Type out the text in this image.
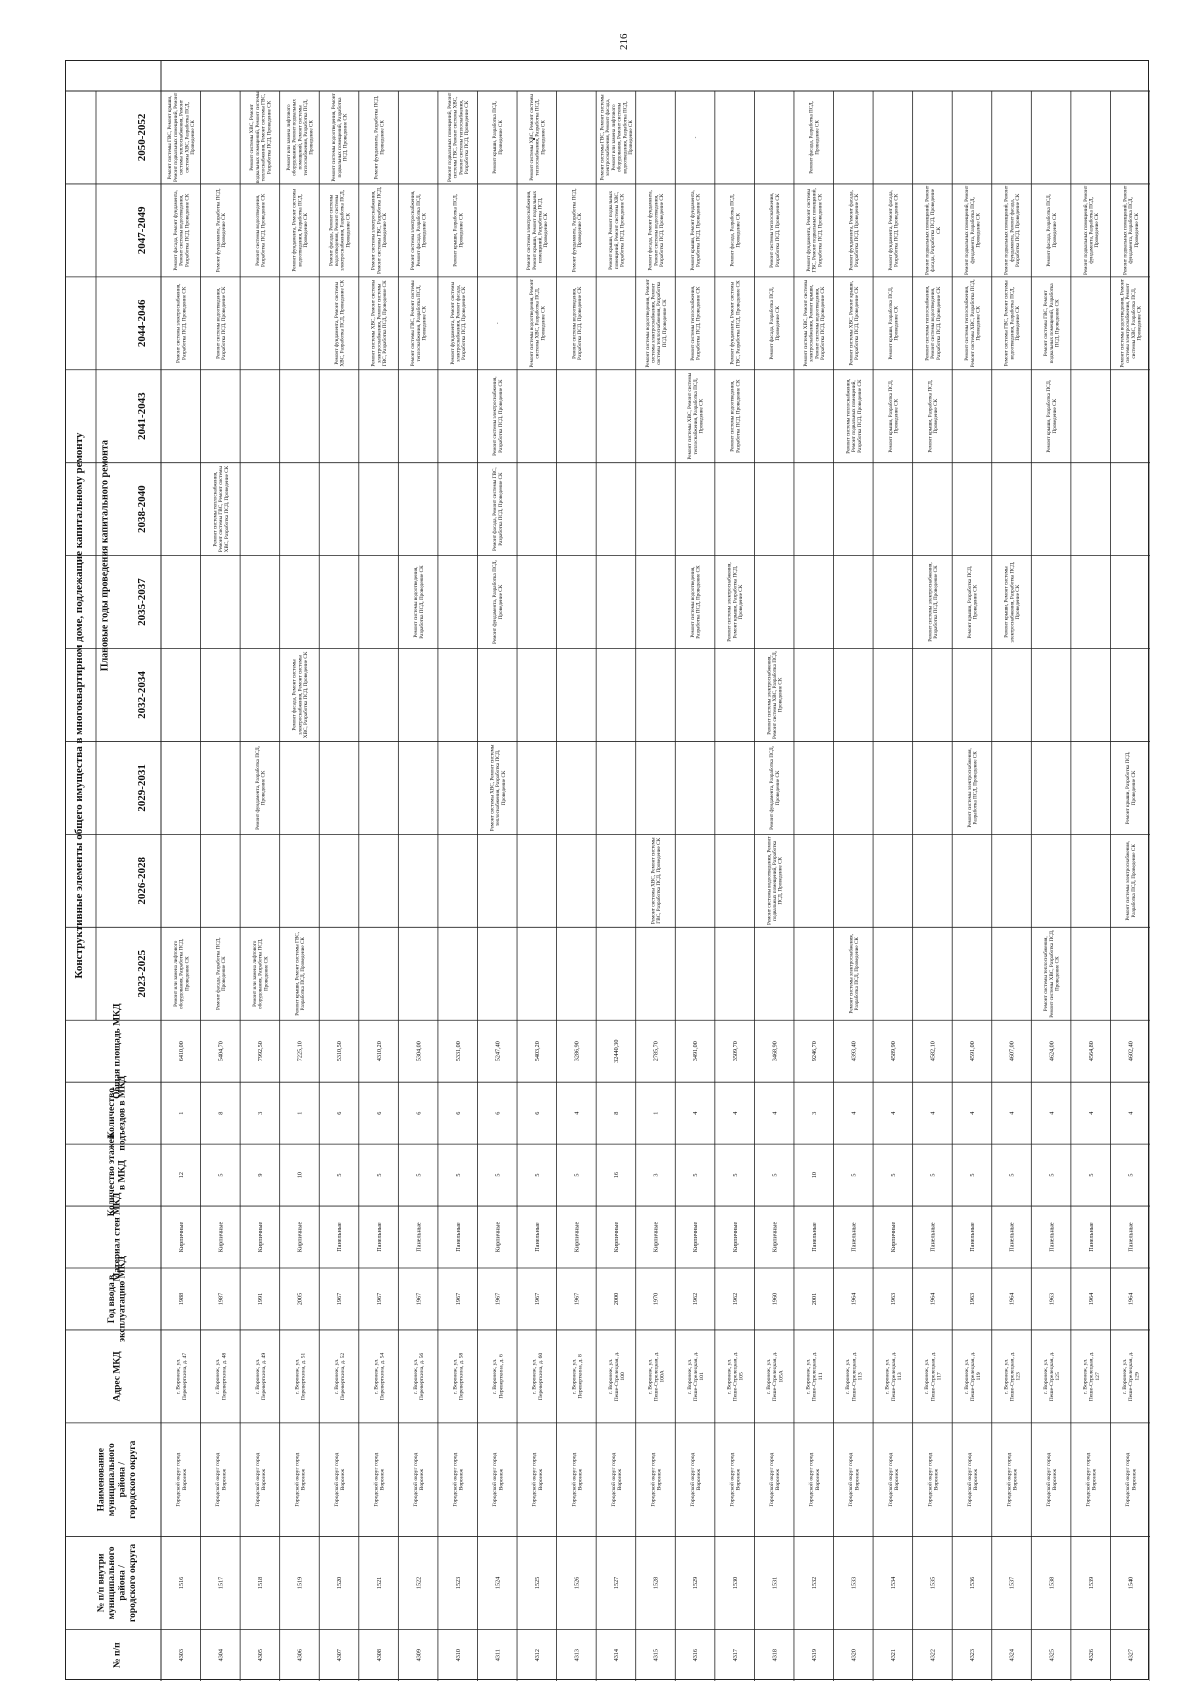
216
Конструктивные элементы общего имущества в многоквартирном доме, подлежащие капитальному ремонту Плановые годы проведения капитального ремонта
№ п/п
№ п/п внутримуниципальногорайона /городского округа
Наименованиемуниципальногорайона /городского округа
Адрес МКД
Год ввода вэксплуатацию МКД
Материал стен МКД
Количество этажейв МКД
Количествоподъездов в МКД
Общая площадь МКД
2023-2025
2026-2028
2029-2031
2032-2034
2035-2037
2038-2040
2041-2043
2044-2046
2047-2049
2050-2052
4303
1516
Городской округ городВоронеж
г. Воронеж, ул.Переверткина, д. 47
1988
Кирпичные
12
1
6410,00
Ремонт или замена лифтовогооборудования, Разработка ПСД,Проведение СК
Ремонт системы электроснабжения,Разработка ПСД, Проведение СК
Ремонт фасада, Ремонт фундамента,Ремонт системы водоотведения,Разработка ПСД, Проведение СК
Ремонт системы ГВС, Ремонт крыши,Ремонт подвальных помещений, Ремонтсистемы теплоснабжения, Ремонтсистемы ХВС, Разработка ПСД,Проведение СК
4304
1517
Городской округ городВоронеж
г. Воронеж, ул.Переверткина, д. 48
1987
Кирпичные
5
8
5404,70
Ремонт фасада, Разработка ПСД,Проведение СК
Ремонт системы теплоснабжения,Ремонт системы ГВС, Ремонт системыХВС, Разработка ПСД, Проведение СК
Ремонт системы водоотведения,Разработка ПСД, Проведение СК
Ремонт фундамента, Разработка ПСД,Проведение СК
4305
1518
Городской округ городВоронеж
г. Воронеж, ул.Переверткина, д. 49
1991
Кирпичные
9
3
7992,50
Ремонт или замена лифтовогооборудования, Разработка ПСД,Проведение СК
Ремонт фундамента, Разработка ПСД,Проведение СК
Ремонт системы водоотведения,Разработка ПСД, Проведение СК
Ремонт системы ХВС, Ремонтподвальных помещений, Ремонт системытеплоснабжения, Ремонт системы ГВС,Разработка ПСД, Проведение СК
4306
1519
Городской округ городВоронеж
г. Воронеж, ул.Переверткина, д. 51
2005
Кирпичные
10
1
7225,10
Ремонт крыши, Ремонт системы ГВС,Разработка ПСД, Проведение СК
Ремонт фасада, Ремонт системыэлектроснабжения, Ремонт системыХВС, Разработка ПСД, Проведение СК
Ремонт фундамента, Ремонт системыводоотведения, Разработка ПСД,Проведение СК
Ремонт или замена лифтовогооборудования, Ремонт подвальныхпомещений, Ремонт системытеплоснабжения, Разработка ПСД,Проведение СК
4307
1520
Городской округ городВоронеж
г. Воронеж, ул.Переверткина, д. 52
1967
Панельные
5
6
5310,50
Ремонт фундамента, Ремонт системыХВС, Разработка ПСД, Проведение СК
Ремонт фасада, Ремонт системыводоотведения, Ремонт системыэлектроснабжения, Разработка ПСД,Проведение СК
Ремонт системы водоотведения, Ремонтподвальных помещений, РазработкаПСД, Проведение СК
4308
1521
Городской округ городВоронеж
г. Воронеж, ул.Переверткина, д. 54
1967
Панельные
5
6
4310,20
Ремонт системы ХВС, Ремонт системыэлектроснабжения, Ремонт системыГВС, Разработка ПСД, Проведение СК
Ремонт системы электроснабжения,Ремонт системы ГВС, Разработка ПСД,Проведение СК
Ремонт фундамента, Разработка ПСД,Проведение СК
4309
1522
Городской округ городВоронеж
г. Воронеж, ул.Переверткина, д. 56
1967
Панельные
5
6
5304,00
Ремонт системы водоотведения,Разработка ПСД, Проведение СК
Ремонт системы ГВС, Ремонт системытеплоснабжения, Разработка ПСД,Проведение СК
Ремонт системы электроснабжения,Ремонт фасада, Разработка ПСД,Проведение СК
4310
1523
Городской округ городВоронеж
г. Воронеж, ул.Переверткина, д. 58
1967
Панельные
5
6
5331,00
Ремонт фундамента, Ремонт системыэлектроснабжения, Ремонт фасада,Разработка ПСД, Проведение СК
Ремонт крыши, Разработка ПСД,Проведение СК
Ремонт подвальных помещений, Ремонтсистемы ГВС, Ремонт системы ХВС,Ремонт системы теплоснабжения,Разработка ПСД, Проведение СК
4311
1524
Городской округ городВоронеж
г. Воронеж, ул.Переверткина, д. 6
1967
Кирпичные
5
6
5247,40
Ремонт системы ХВС, Ремонт системытеплоснабжения, Разработка ПСД,Проведение СК
Ремонт фундамента, Разработка ПСД,Проведение СК
Ремонт фасада, Ремонт системы ГВС,Разработка ПСД, Проведение СК
Ремонт системы электроснабжения,Разработка ПСД, Проведение СК
-
Ремонт крыши, Разработка ПСД,Проведение СК
4312
1525
Городской округ городВоронеж
г. Воронеж, ул.Переверткина, д. 60
1967
Панельные
5
6
5403,20
Ремонт системы водоотведения, Ремонтсистемы ХВС, Разработка ПСД,Проведение СК
Ремонт системы электроснабжения,Ремонт крыши, Ремонт подвальныхпомещений, Разработка ПСД,Проведение СК
Ремонт системы ХВС, Ремонт системытеплоснабжения, Разработка ПСД,Проведение СК
4313
1526
Городской округ городВоронеж
г. Воронеж, ул.Переверткина, д. 8
1967
Кирпичные
5
4
3286,90
Ремонт системы водоотведения,Разработка ПСД, Проведение СК
Ремонт фундамента, Разработка ПСД,Проведение СК
4314
1527
Городской округ городВоронеж
г. Воронеж, ул.Пеше-Стрелецкая, д.100
2000
Кирпичные
16
8
32440,30
Ремонт крыши, Ремонт подвальныхпомещений, Ремонт системы ХВС,Разработка ПСД, Проведение СК
Ремонт системы ГВС, Ремонт системыэлектроснабжения, Ремонт фасада,Ремонт или замена лифтовогооборудования, Ремонт системыводоотведения, Разработка ПСД,Проведение СК
4315
1528
Городской округ городВоронеж
г. Воронеж, ул.Пеше-Стрелецкая, д.100А
1970
Кирпичные
3
1
2785,70
Ремонт системы ХВС, Ремонт системыГВС, Разработка ПСД, Проведение СК
Ремонт системы водоотведения, Ремонтсистемы электроснабжения, Ремонтсистемы теплоснабжения, РазработкаПСД, Проведение СК
Ремонт фасада, Ремонт фундамента,Ремонт системы водоотведения,Разработка ПСД, Проведение СК
4316
1529
Городской округ городВоронеж
г. Воронеж, ул.Пеше-Стрелецкая, д.101
1962
Кирпичные
5
4
3491,00
Ремонт системы водоотведения,Разработка ПСД, Проведение СК
Ремонт системы ХВС, Ремонт системытеплоснабжения, Разработка ПСД,Проведение СК
Ремонт системы теплоснабжения,Разработка ПСД, Проведение СК
Ремонт крыши, Ремонт фундамента,Разработка ПСД, Проведение СК
-
4317
1530
Городской округ городВоронеж
г. Воронеж, ул.Пеше-Стрелецкая, д.105
1962
Кирпичные
5
4
3509,70
Ремонт системы электроснабжения,Ремонт крыши, Разработка ПСД,Проведение СК
Ремонт системы водоотведения,Разработка ПСД, Проведение СК
Ремонт фундамента, Ремонт системыГВС, Разработка ПСД, Проведение СК
Ремонт фасада, Разработка ПСД,Проведение СК
4318
1531
Городской округ городВоронеж
г. Воронеж, ул.Пеше-Стрелецкая, д.105А
1960
Кирпичные
5
4
3468,90
Ремонт системы водоотведения, Ремонтподвальных помещений, РазработкаПСД, Проведение СК
Ремонт фундамента, Разработка ПСД,Проведение СК
Ремонт системы электроснабжения,Ремонт системы ХВС, Разработка ПСД,Проведение СК
Ремонт фасада, Разработка ПСД,Проведение СК
Ремонт системы теплоснабжения,Разработка ПСД, Проведение СК
4319
1532
Городской округ городВоронеж
г. Воронеж, ул.Пеше-Стрелецкая, д.111
2001
Панельные
10
3
9246,70
Ремонт системы ХВС, Ремонт системыэлектроснабжения, Ремонт крыши,Ремонт системы водоотведения,Разработка ПСД, Проведение СК
Ремонт фундамента, Ремонт системыГВС, Ремонт подвальных помещений,Разработка ПСД, Проведение СК
Ремонт фасада, Разработка ПСД,Проведение СК
4320
1533
Городской округ городВоронеж
г. Воронеж, ул.Пеше-Стрелецкая, д.113
1964
Панельные
5
4
4393,40
Ремонт системы электроснабжения,Разработка ПСД, Проведение СК
Ремонт системы теплоснабжения,Ремонт подвальных помещений,Разработка ПСД, Проведение СК
Ремонт системы ХВС, Ремонт крыши,Разработка ПСД, Проведение СК
Ремонт фундамента, Ремонт фасада,Разработка ПСД, Проведение СК
4321
1534
Городской округ городВоронеж
г. Воронеж, ул.Пеше-Стрелецкая, д.113
1963
Кирпичные
5
4
4589,90
Ремонт крыши, Разработка ПСД,Проведение СК
Ремонт крыши, Разработка ПСД,Проведение СК
Ремонт фундамента, Ремонт фасада,Разработка ПСД, Проведение СК
4322
1535
Городской округ городВоронеж
г. Воронеж, ул.Пеше-Стрелецкая, д.117
1964
Панельные
5
4
4582,10
Ремонт системы электроснабжения,Разработка ПСД, Проведение СК
Ремонт крыши, Разработка ПСД,Проведение СК
Ремонт системы теплоснабжения,Ремонт системы водоотведения,Разработка ПСД, Проведение СК
Ремонт подвальных помещений, Ремонтфасада, Разработка ПСД, ПроведениеСК
4323
1536
Городской округ городВоронеж
г. Воронеж, ул.Пеше-Стрелецкая, д.119
1963
Панельные
5
4
4591,00
Ремонт системы электроснабжения,Разработка ПСД, Проведение СК
Ремонт крыши, Разработка ПСД,Проведение СК
Ремонт системы теплоснабжения,Ремонт системы ХВС, Разработка ПСД,Проведение СК
Ремонт подвальных помещений, Ремонтфундамента, Разработка ПСД,Проведение СК
4324
1537
Городской округ городВоронеж
г. Воронеж, ул.Пеше-Стрелецкая, д.123
1964
Панельные
5
4
4607,00
Ремонт крыши, Ремонт системыэлектроснабжения, Разработка ПСД,Проведение СК
Ремонт системы ГВС, Ремонт системыводоотведения, Разработка ПСД,Проведение СК
Ремонт подвальных помещений, Ремонтфундамента, Ремонт фасада,Разработка ПСД, Проведение СК
4325
1538
Городской округ городВоронеж
г. Воронеж, ул.Пеше-Стрелецкая, д.125
1963
Панельные
5
4
4624,00
Ремонт системы теплоснабжения,Ремонт системы ХВС, Разработка ПСД,Проведение СК
Ремонт крыши, Разработка ПСД,Проведение СК
Ремонт системы ГВС, Ремонтподвальных помещений, РазработкаПСД, Проведение СК
Ремонт фасада, Разработка ПСД,Проведение СК
4326
1539
Городской округ городВоронеж
г. Воронеж, ул.Пеше-Стрелецкая, д.127
1964
Панельные
5
4
4564,80
Ремонт подвальных помещений, Ремонтфундамента, Разработка ПСД,Проведение СК
4327
1540
Городской округ городВоронеж
г. Воронеж, ул.Пеше-Стрелецкая, д.129
1964
Панельные
5
4
4602,40
Ремонт системы электроснабжения,Разработка ПСД, Проведение СК
Ремонт крыши, Разработка ПСД,Проведение СК
Ремонт системы водоотведения, Ремонтсистемы электроснабжения, Ремонтсистемы ХВС, Разработка ПСД,Проведение СК
Ремонт подвальных помещений, Ремонтфундамента, Разработка ПСД,Проведение СК
